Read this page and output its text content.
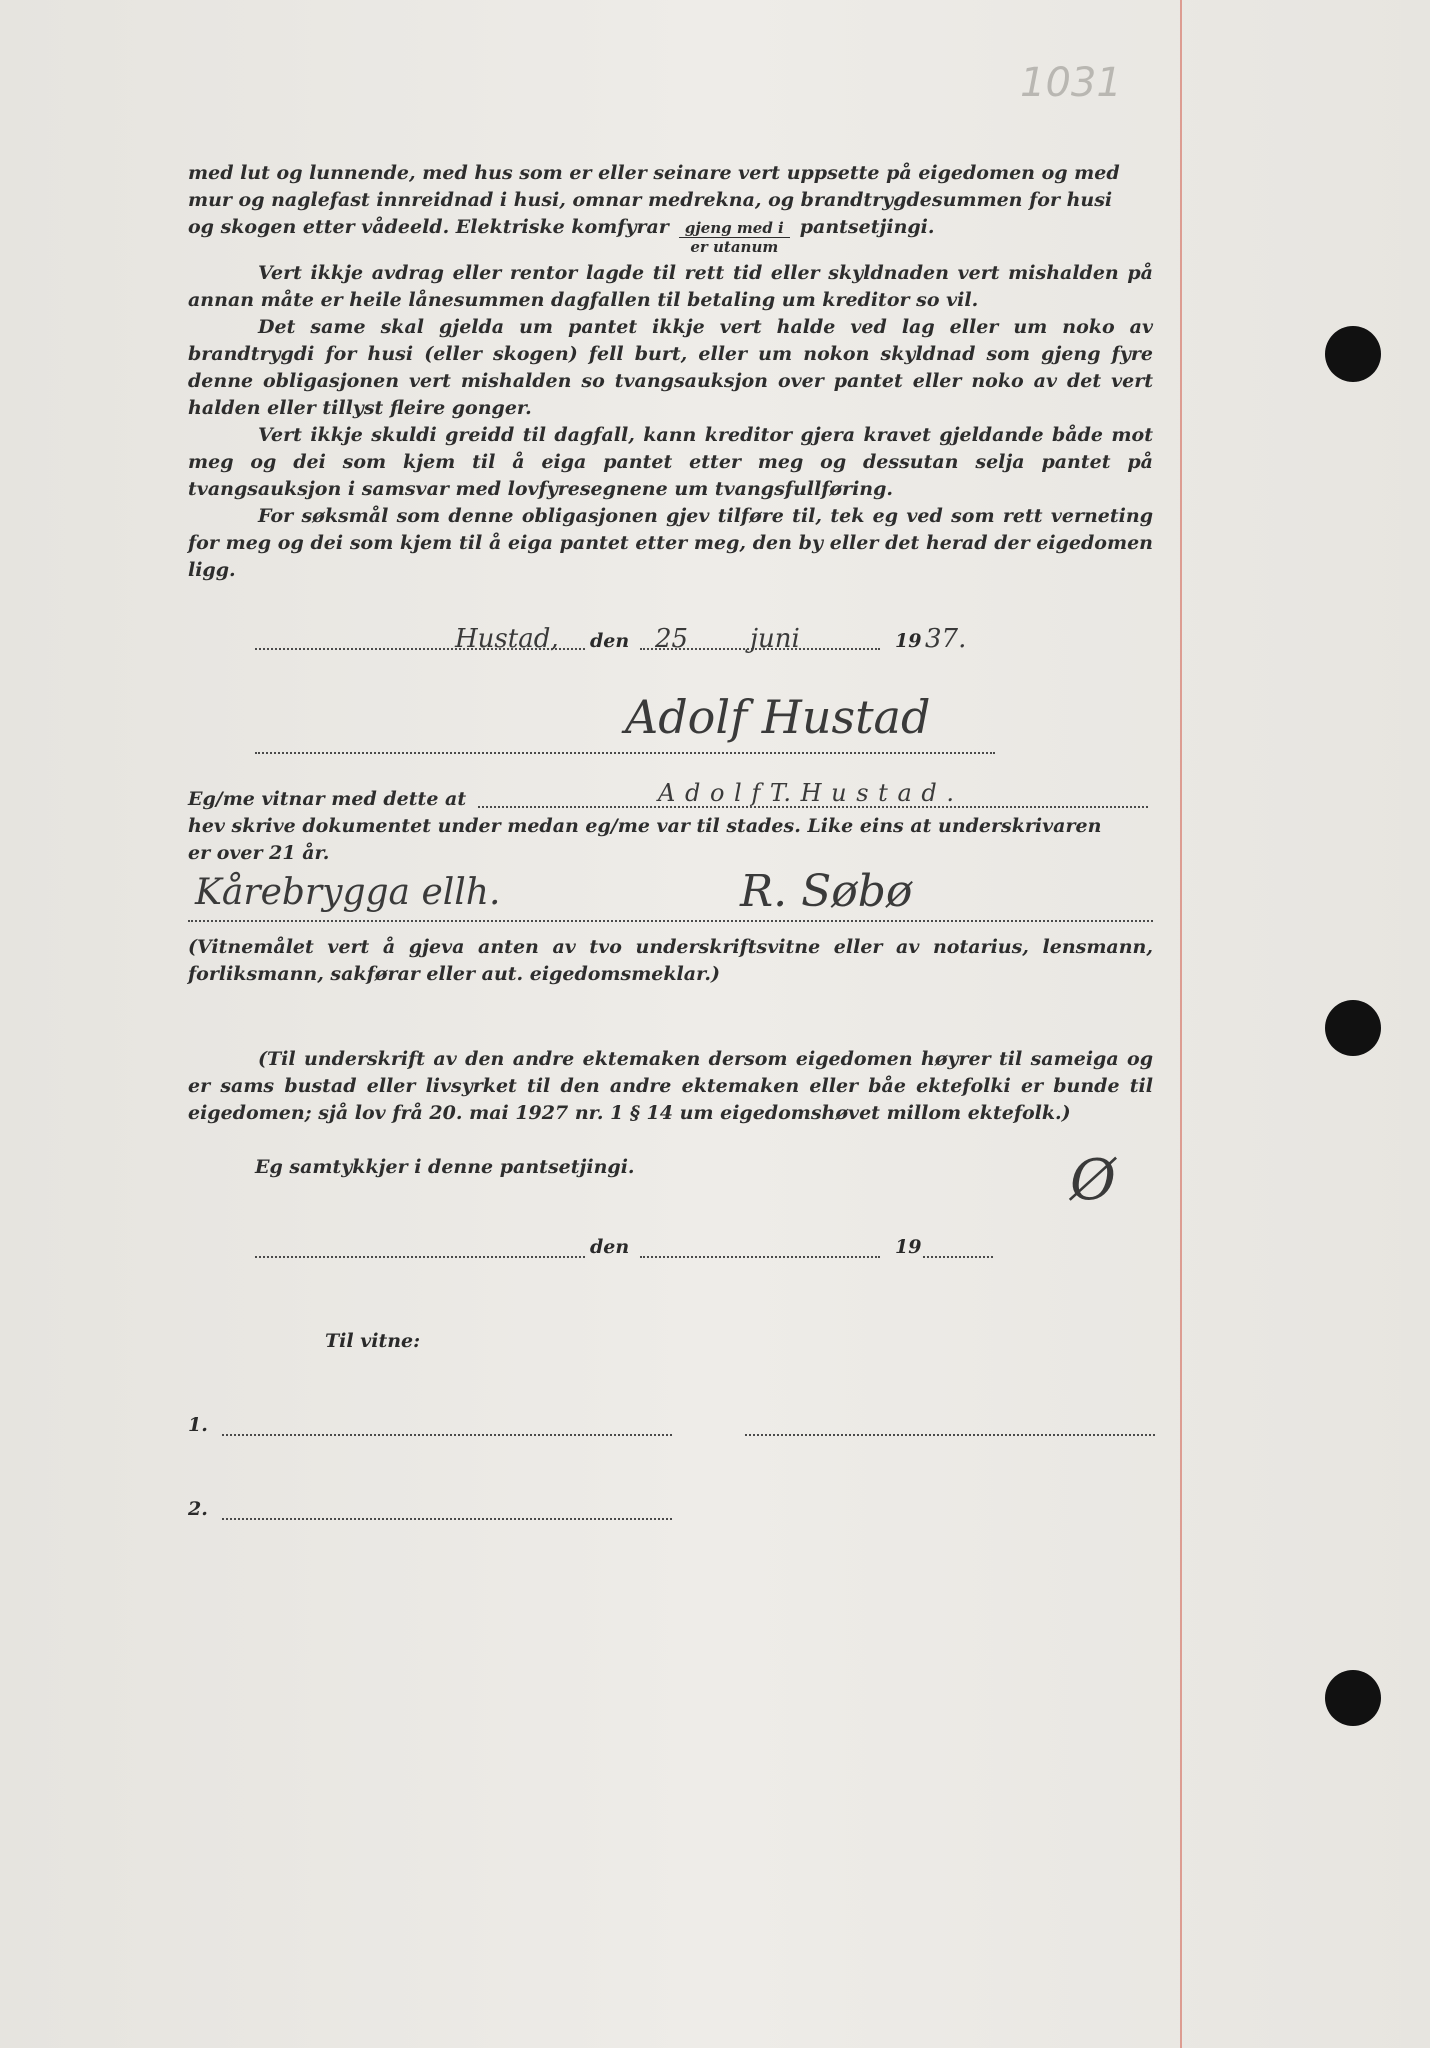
1031

med lut og lunnende, med hus som er eller seinare vert uppsette på eigedomen og med

mur og naglefast innreidnad i husi, omnar medrekna, og brandtrygdesummen for husi

og skogen etter vådeeld. Elektriske komfyrar $\frac{\text{gjeng med i}}{\text{er utanum}}$ pantsetjingi.

Vert ikkje avdrag eller rentor lagde til rett tid eller skyldnaden vert mishalden på annan måte er heile lånesummen dagfallen til betaling um kreditor so vil.

Det same skal gjelda um pantet ikkje vert halde ved lag eller um noko av brandtrygdi for husi (eller skogen) fell burt, eller um nokon skyldnad som gjeng fyre denne obligasjonen vert mishalden so tvangsauksjon over pantet eller noko av det vert halden eller tillyst fleire gonger.

Vert ikkje skuldi greidd til dagfall, kann kreditor gjera kravet gjeldande både mot meg og dei som kjem til å eiga pantet etter meg og dessutan selja pantet på tvangsauksjon i samsvar med lovfyresegnene um tvangsfullføring.

For søksmål som denne obligasjonen gjev tilføre til, tek eg ved som rett verneting for meg og dei som kjem til å eiga pantet etter meg, den by eller det herad der eigedomen ligg.

Hustad, den 25 juni	19 37.
Adolf Hustad
Eg/me vitnar med dette at	A d o l f T. H u s t a d .

hev skrive dokumentet under medan eg/me var til stades. Like eins at underskrivaren

er over 21 år.

Kårebrygga ellh.	R. Søbø

(Vitnemålet vert å gjeva anten av tvo underskriftsvitne eller av notarius, lensmann, forliksmann, sakførar eller aut. eigedomsmeklar.)

(Til underskrift av den andre ektemaken dersom eigedomen høyrer til sameiga og er sams bustad eller livsyrket til den andre ektemaken eller båe ektefolki er bunde til eigedomen; sjå lov frå 20. mai 1927 nr. 1 § 14 um eigedomshøvet millom ektefolk.)

Eg samtykkjer i denne pantsetjingi.	Ø
den	19
Til vitne:
1.
2.
